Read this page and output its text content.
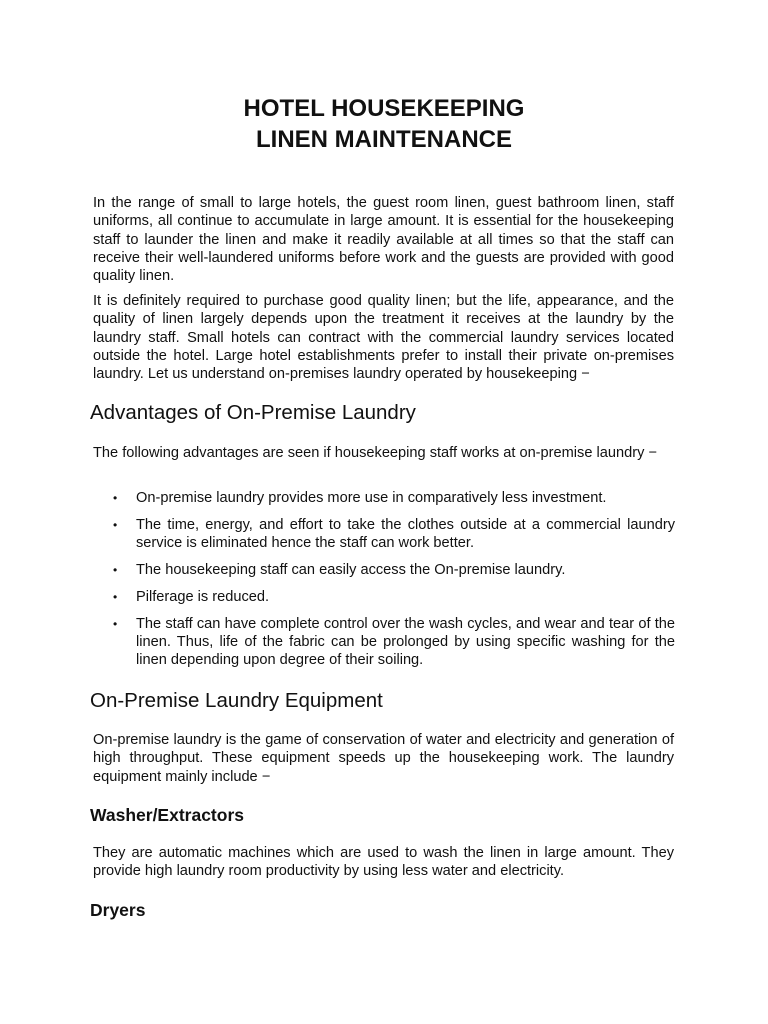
HOTEL HOUSEKEEPING
LINEN MAINTENANCE

In the range of small to large hotels, the guest room linen, guest bathroom linen, staff uniforms, all continue to accumulate in large amount. It is essential for the housekeeping staff to launder the linen and make it readily available at all times so that the staff can receive their well-laundered uniforms before work and the guests are provided with good quality linen.

It is definitely required to purchase good quality linen; but the life, appearance, and the quality of linen largely depends upon the treatment it receives at the laundry by the laundry staff. Small hotels can contract with the commercial laundry services located outside the hotel. Large hotel establishments prefer to install their private on-premises laundry. Let us understand on-premises laundry operated by housekeeping −

Advantages of On-Premise Laundry

The following advantages are seen if housekeeping staff works at on-premise laundry −

• On-premise laundry provides more use in comparatively less investment.
• The time, energy, and effort to take the clothes outside at a commercial laundry service is eliminated hence the staff can work better.
• The housekeeping staff can easily access the On-premise laundry.
• Pilferage is reduced.
• The staff can have complete control over the wash cycles, and wear and tear of the linen. Thus, life of the fabric can be prolonged by using specific washing for the linen depending upon degree of their soiling.
On-Premise Laundry Equipment

On-premise laundry is the game of conservation of water and electricity and generation of high throughput. These equipment speeds up the housekeeping work. The laundry equipment mainly include −

Washer/Extractors

They are automatic machines which are used to wash the linen in large amount. They provide high laundry room productivity by using less water and electricity.

Dryers
